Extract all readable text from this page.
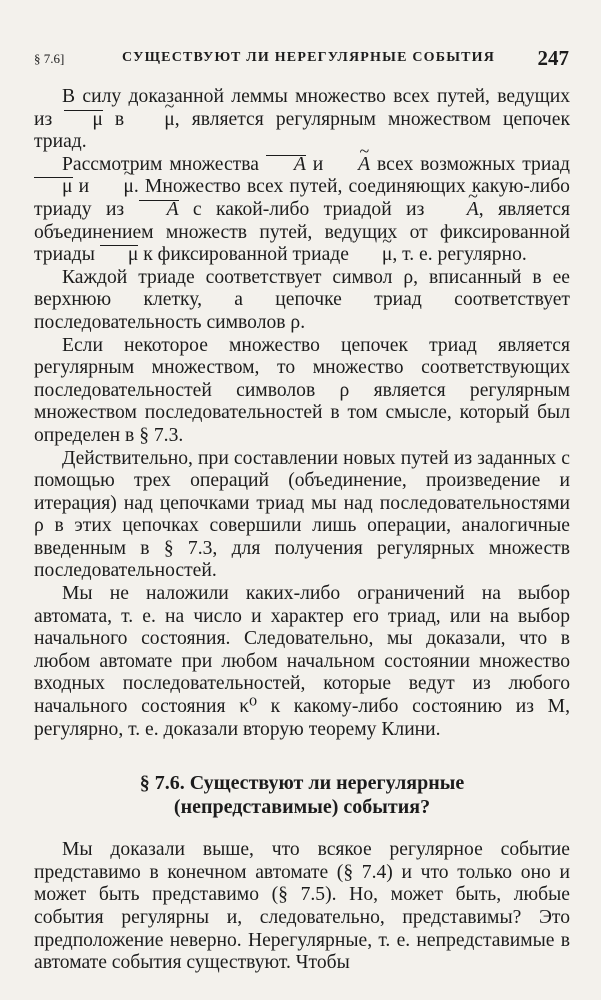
§ 7.6]	СУЩЕСТВУЮТ ЛИ НЕРЕГУЛЯРНЫЕ СОБЫТИЯ 247

В силу доказанной леммы множество всех путей, ведущих из μ в ~ μ, является регулярным множеством цепочек триад.

Рассмотрим множества A и ~ A всех возможных триад μ и ~ μ. Множество всех путей, соединяющих какую-либо триаду из A с какой-либо триадой из ~ A, является объединением множеств путей, ведущих от фиксированной триады μ к фиксированной триаде ~ μ, т. е. регулярно.

Каждой триаде соответствует символ ρ, вписанный в ее верхнюю клетку, а цепочке триад соответствует последовательность символов ρ.

Если некоторое множество цепочек триад является регулярным множеством, то множество соответствующих последовательностей символов ρ является регулярным множеством последовательностей в том смысле, который был определен в § 7.3.

Действительно, при составлении новых путей из заданных с помощью трех операций (объединение, произведение и итерация) над цепочками триад мы над последовательностями ρ в этих цепочках совершили лишь операции, аналогичные введенным в § 7.3, для получения регулярных множеств последовательностей.

Мы не наложили каких-либо ограничений на выбор автомата, т. е. на число и характер его триад, или на выбор начального состояния. Следовательно, мы доказали, что в любом автомате при любом начальном состоянии множество входных последовательностей, которые ведут из любого начального состояния κ⁰ к какому-либо состоянию из M, регулярно, т. е. доказали вторую теорему Клини.

§ 7.6. Существуют ли нерегулярные
(непредставимые) события?

Мы доказали выше, что всякое регулярное событие представимо в конечном автомате (§ 7.4) и что только оно и может быть представимо (§ 7.5). Но, может быть, любые события регулярны и, следовательно, представимы? Это предположение неверно. Нерегулярные, т. е. непредставимые в автомате события существуют. Чтобы
